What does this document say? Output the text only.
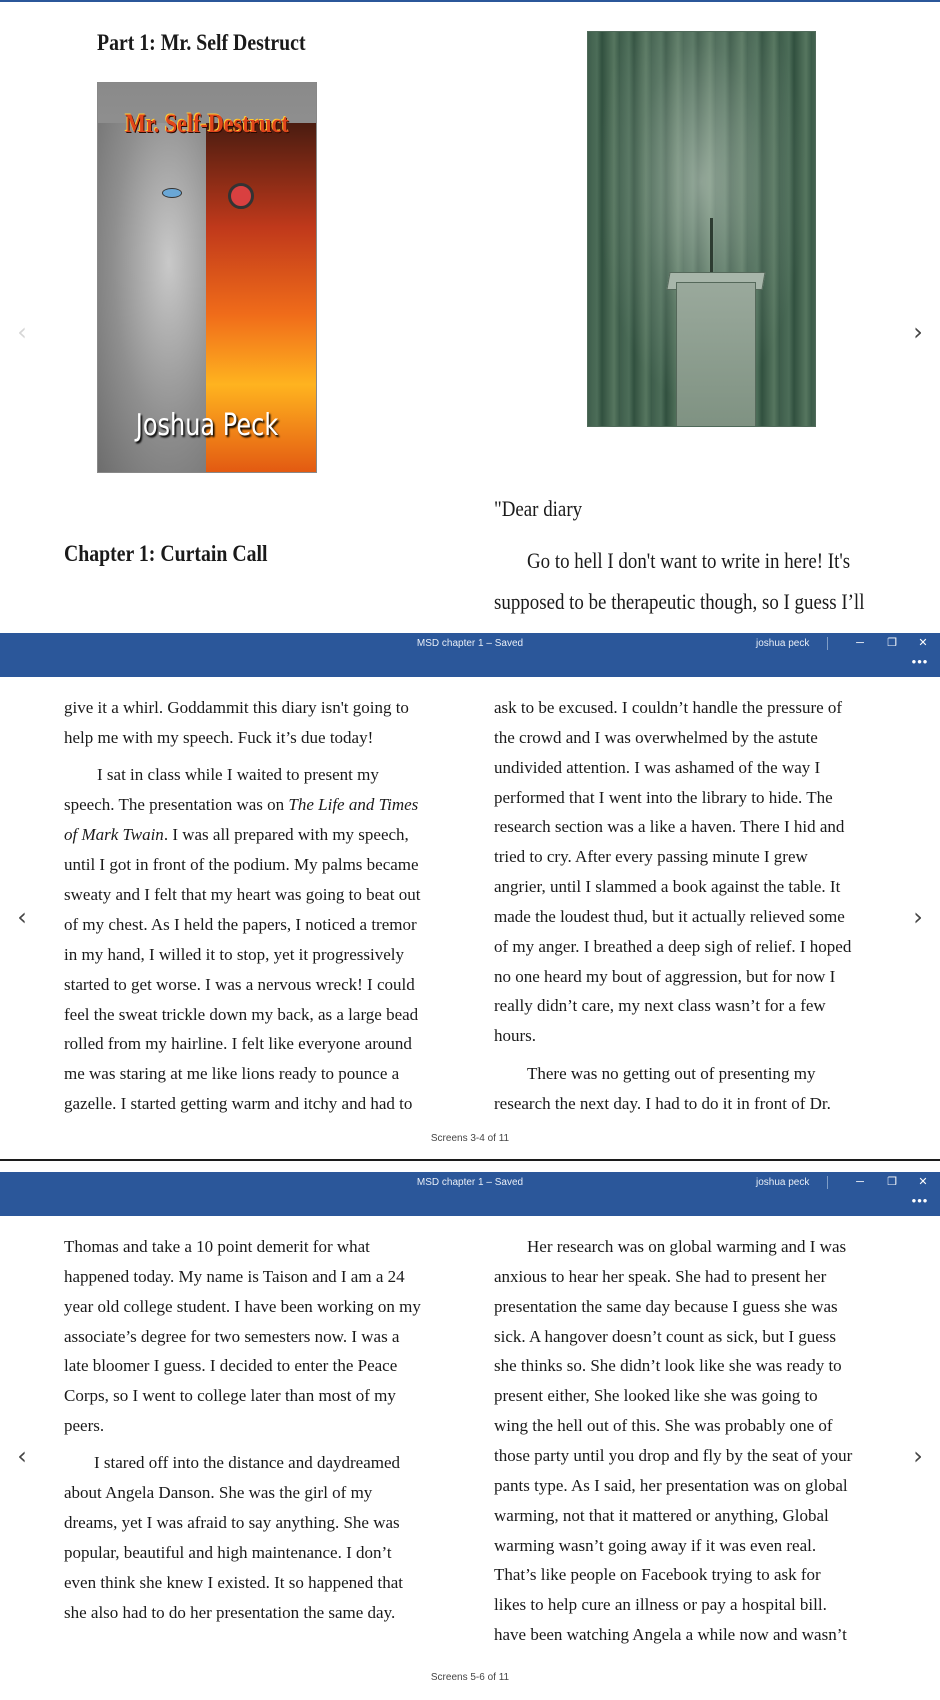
Part 1: Mr. Self Destruct
Mr. Self-Destruct
Joshua Peck
‹	›
"Dear diary
Chapter 1: Curtain Call	Go to hell I don't want to write in here! It's
supposed to be therapeutic though, so I guess I’ll
MSD chapter 1 – Saved	joshua peck	─	❐	✕
•••
give it a whirl. Goddammit this diary isn't going to
help me with my speech. Fuck it’s due today!
I sat in class while I waited to present my
speech. The presentation was on The Life and Times
of Mark Twain. I was all prepared with my speech,
until I got in front of the podium. My palms became
sweaty and I felt that my heart was going to beat out
of my chest. As I held the papers, I noticed a tremor
in my hand, I willed it to stop, yet it progressively
started to get worse. I was a nervous wreck! I could
feel the sweat trickle down my back, as a large bead
rolled from my hairline. I felt like everyone around
me was staring at me like lions ready to pounce a
gazelle. I started getting warm and itchy and had to
ask to be excused. I couldn’t handle the pressure of
the crowd and I was overwhelmed by the astute
undivided attention. I was ashamed of the way I
performed that I went into the library to hide. The
research section was a like a haven. There I hid and
tried to cry. After every passing minute I grew
angrier, until I slammed a book against the table. It
made the loudest thud, but it actually relieved some
of my anger. I breathed a deep sigh of relief. I hoped
no one heard my bout of aggression, but for now I
really didn’t care, my next class wasn’t for a few
hours.
There was no getting out of presenting my
research the next day. I had to do it in front of Dr.
‹	›
Screens 3-4 of 11
MSD chapter 1 – Saved	joshua peck	─	❐	✕
•••
Thomas and take a 10 point demerit for what
happened today. My name is Taison and I am a 24
year old college student. I have been working on my
associate’s degree for two semesters now. I was a
late bloomer I guess. I decided to enter the Peace
Corps, so I went to college later than most of my
peers.
I stared off into the distance and daydreamed
about Angela Danson. She was the girl of my
dreams, yet I was afraid to say anything. She was
popular, beautiful and high maintenance. I don’t
even think she knew I existed. It so happened that
she also had to do her presentation the same day.
Her research was on global warming and I was
anxious to hear her speak. She had to present her
presentation the same day because I guess she was
sick. A hangover doesn’t count as sick, but I guess
she thinks so. She didn’t look like she was ready to
present either, She looked like she was going to
wing the hell out of this. She was probably one of
those party until you drop and fly by the seat of your
pants type. As I said, her presentation was on global
warming, not that it mattered or anything, Global
warming wasn’t going away if it was even real.
That’s like people on Facebook trying to ask for
likes to help cure an illness or pay a hospital bill.
have been watching Angela a while now and wasn’t
‹	›
Screens 5-6 of 11
